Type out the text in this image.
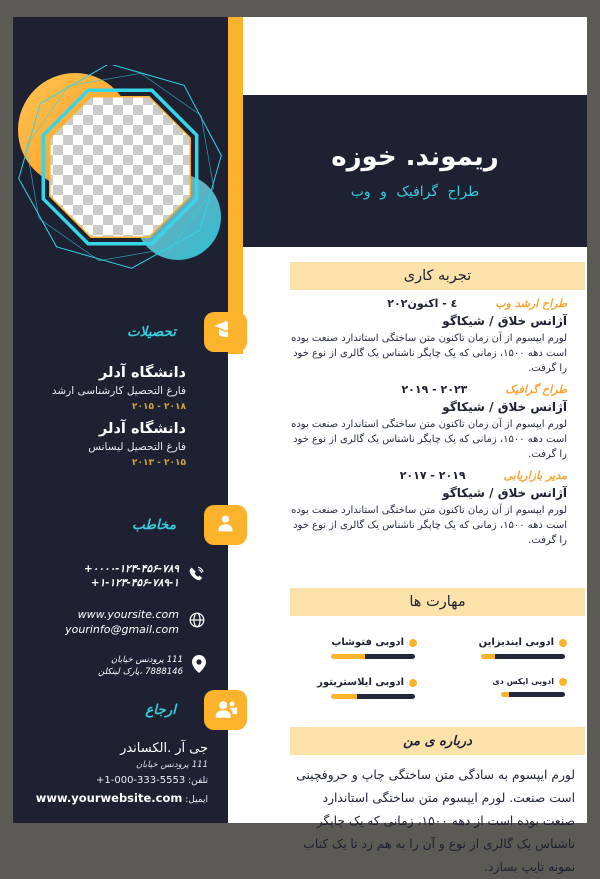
تحصیلات
دانشگاه آدلر
فارغ التحصیل کارشناسی ارشد
۲۰۱۵ - ۲۰۱۸
دانشگاه آدلر
فارغ التحصیل لیسانس
۲۰۱۳ - ۲۰۱۵
مخاطب
+۰۰۰۰-۱۲۳-۴۵۶-۷۸۹
+۱-۱۲۳-۴۵۶-۷۸۹-۱
www.yoursite.com
yourinfo@gmail.com
خیابان پرودنس 111
لینکلن پارک، 7888146
ارجاع
الکساندر. آر جی
خیابان پرودنس 111
تلفن: +1-000-333-5553
ایمیل: www.yourwebsite.com
ریموند. خوزه
طراح گرافیک و وب
تجربه کاری
طراح ارشد وب
۲۰۲٤ - اکنون
آژانس خلاق / شیکاگو
لورم ایپسوم از آن زمان تاکنون متن ساختگی استاندارد صنعت بوده است دهه ۱۵۰۰، زمانی که یک چاپگر ناشناس یک گالری از نوع خود را گرفت.
طراح گرافیک
۲۰۱۹ - ۲۰۲۳
آژانس خلاق / شیکاگو
لورم ایپسوم از آن زمان تاکنون متن ساختگی استاندارد صنعت بوده است دهه ۱۵۰۰، زمانی که یک چاپگر ناشناس یک گالری از نوع خود را گرفت.
مدیر بازاریابی
۲۰۱۷ - ۲۰۱۹
آژانس خلاق / شیکاگو
لورم ایپسوم از آن زمان تاکنون متن ساختگی استاندارد صنعت بوده است دهه ۱۵۰۰، زمانی که یک چاپگر ناشناس یک گالری از نوع خود را گرفت.
مهارت ها
ادوبی ایندیزاین
ادوبی فتوشاپ
ادوبی ایکس دی
ادوبی ایلاستریتور
درباره ی من
لورم ایپسوم به سادگی متن ساختگی چاپ و حروفچینی است صنعت. لورم ایپسوم متن ساختگی استاندارد صنعت بوده است از دهه ۱۵۰۰، زمانی که یک چاپگر ناشناس یک گالری از نوع و آن را به هم زد تا یک کتاب نمونه تایپ بسازد.
